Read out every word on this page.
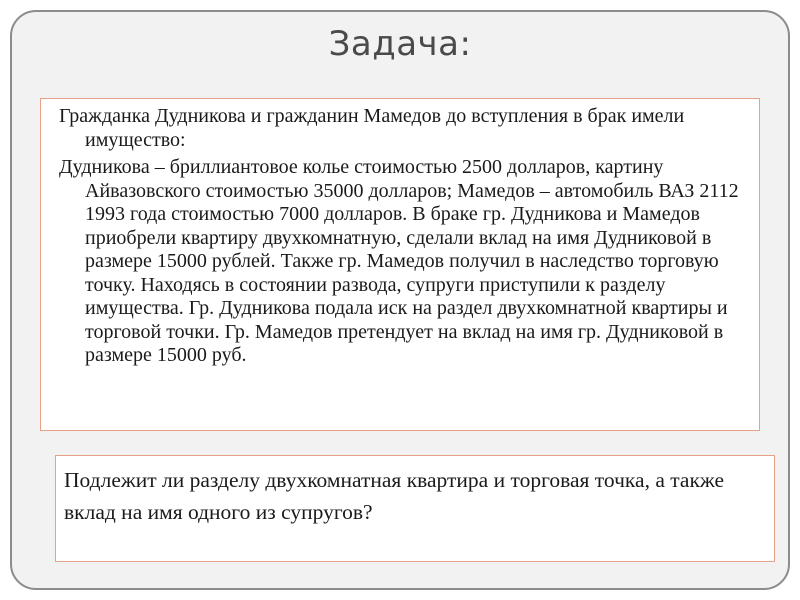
Задача:

Гражданка Дудникова и гражданин Мамедов до вступления в брак имели имущество:

Дудникова – бриллиантовое колье стоимостью 2500 долларов, картину Айвазовского стоимостью 35000 долларов; Мамедов – автомобиль ВАЗ 2112 1993 года стоимостью 7000 долларов. В браке гр. Дудникова и Мамедов приобрели квартиру двухкомнатную, сделали вклад на имя Дудниковой в размере 15000 рублей. Также гр. Мамедов получил в наследство торговую точку. Находясь в состоянии развода, супруги приступили к разделу имущества. Гр. Дудникова подала иск на раздел двухкомнатной квартиры и торговой точки. Гр. Мамедов претендует на вклад на имя гр. Дудниковой в размере 15000 руб.

Подлежит ли разделу двухкомнатная квартира и торговая точка, а также вклад на имя одного из супругов?
